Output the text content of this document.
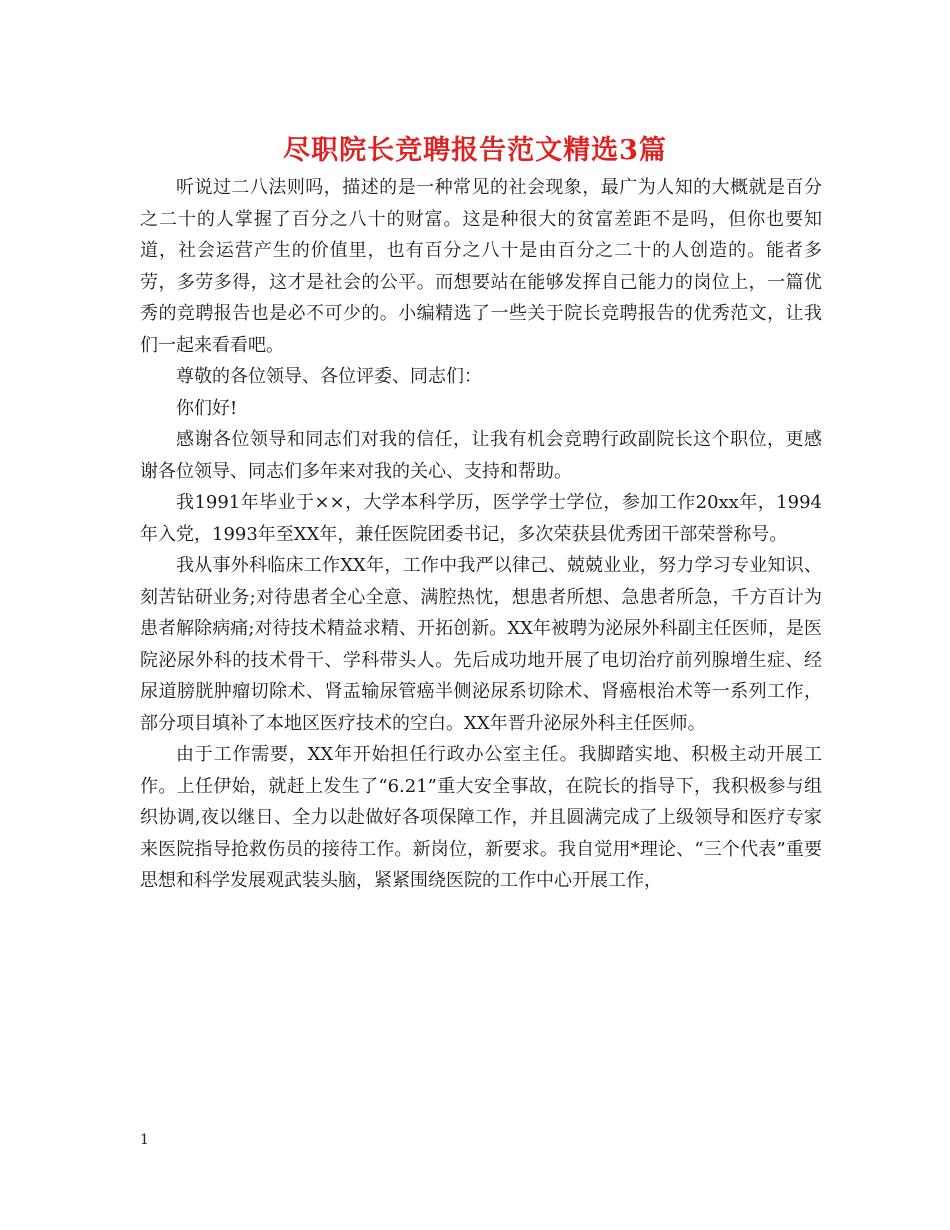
尽职院长竞聘报告范文精选3篇

听说过二八法则吗，描述的是一种常见的社会现象，最广为人知的大概就是百分之二十的人掌握了百分之八十的财富。这是种很大的贫富差距不是吗，但你也要知道，社会运营产生的价值里，也有百分之八十是由百分之二十的人创造的。能者多劳，多劳多得，这才是社会的公平。而想要站在能够发挥自己能力的岗位上，一篇优秀的竞聘报告也是必不可少的。小编精选了一些关于院长竞聘报告的优秀范文，让我们一起来看看吧。

尊敬的各位领导、各位评委、同志们：

你们好!

感谢各位领导和同志们对我的信任，让我有机会竞聘行政副院长这个职位，更感谢各位领导、同志们多年来对我的关心、支持和帮助。

我1991年毕业于××，大学本科学历，医学学士学位，参加工作20xx年，1994年入党，1993年至XX年，兼任医院团委书记，多次荣获县优秀团干部荣誉称号。

我从事外科临床工作XX年，工作中我严以律己、兢兢业业，努力学习专业知识、刻苦钻研业务;对待患者全心全意、满腔热忱，想患者所想、急患者所急，千方百计为患者解除病痛;对待技术精益求精、开拓创新。XX年被聘为泌尿外科副主任医师，是医院泌尿外科的技术骨干、学科带头人。先后成功地开展了电切治疗前列腺增生症、经尿道膀胱肿瘤切除术、肾盂输尿管癌半侧泌尿系切除术、肾癌根治术等一系列工作，部分项目填补了本地区医疗技术的空白。XX年晋升泌尿外科主任医师。

由于工作需要，XX年开始担任行政办公室主任。我脚踏实地、积极主动开展工作。上任伊始，就赶上发生了“6.21”重大安全事故，在院长的指导下，我积极参与组织协调,夜以继日、全力以赴做好各项保障工作，并且圆满完成了上级领导和医疗专家来医院指导抢救伤员的接待工作。新岗位，新要求。我自觉用*理论、“三个代表”重要思想和科学发展观武装头脑，紧紧围绕医院的工作中心开展工作，

1
